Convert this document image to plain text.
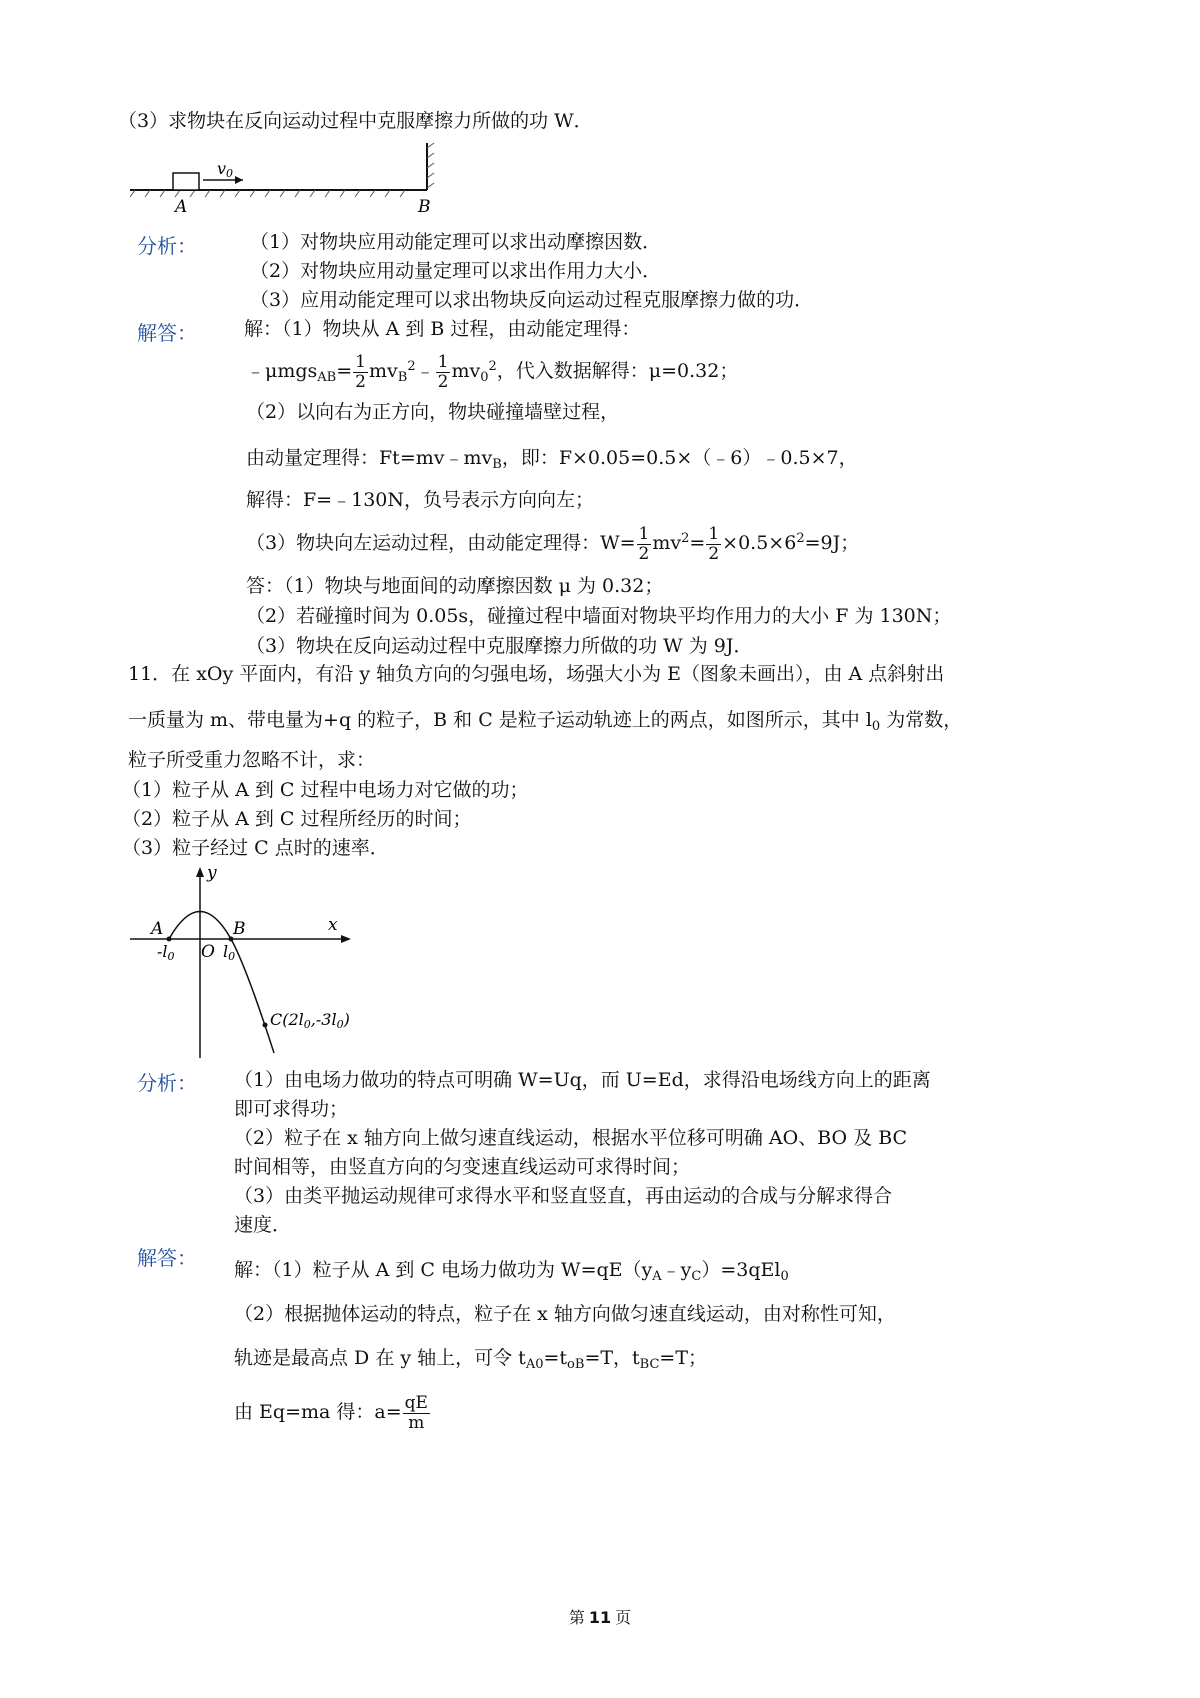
（3）求物块在反向运动过程中克服摩擦力所做的功 W．
v0
A	B
分析：	（1）对物块应用动能定理可以求出动摩擦因数．
（2）对物块应用动量定理可以求出作用力大小．
（3）应用动能定理可以求出物块反向运动过程克服摩擦力做的功．
解答： 解：（1）物块从 A 到 B 过程，由动能定理得：
﹣μmgs$_{AB}$= $\frac{1}{2}$ $mv_B^2﹣ \frac{1}{2} mv_0^2$，代入数据解得：μ=0.32；
（2）以向右为正方向，物块碰撞墙壁过程，
由动量定理得：$Ft=mv﹣mv_B$，即：F×0.05=0.5×（﹣6）﹣0.5×7，
解得：F=﹣130N，负号表示方向向左；
（3）物块向左运动过程，由动能定理得：$W= \frac{1}{2} mv^2= \frac{1}{2} \times 0.5\times 6^2=9J$；
答：（1）物块与地面间的动摩擦因数 μ 为 0.32；
（2）若碰撞时间为 0.05s，碰撞过程中墙面对物块平均作用力的大小 F 为 130N；
（3）物块在反向运动过程中克服摩擦力所做的功 W 为 9J．
11．在 xOy 平面内，有沿 y 轴负方向的匀强电场，场强大小为 E（图象未画出），由 A 点斜射出
一质量为 m、带电量为+q 的粒子，B 和 C 是粒子运动轨迹上的两点，如图所示，其中 $l_0$ 为常数，
粒子所受重力忽略不计，求：
（1）粒子从 A 到 C 过程中电场力对它做的功；
（2）粒子从 A 到 C 过程所经历的时间；
（3）粒子经过 C 点时的速率．
y
x
A	B
O
-l0	l0
C(2l0,-3l0)
分析： （1）由电场力做功的特点可明确 W=Uq，而 U=Ed，求得沿电场线方向上的距离
即可求得功；
（2）粒子在 x 轴方向上做匀速直线运动，根据水平位移可明确 AO、BO 及 BC
时间相等，由竖直方向的匀变速直线运动可求得时间；
（3）由类平抛运动规律可求得水平和竖直竖直，再由运动的合成与分解求得合
速度．
解答： 解：（1）粒子从 A 到 C 电场力做功为 $W=qE(y_A﹣y_C)=3qEl_0$
（2）根据抛体运动的特点，粒子在 x 轴方向做匀速直线运动，由对称性可知，
轨迹是最高点 D 在 y 轴上，可令 $t_{A0}=t_{oB}=T$，$t_{BC}=T$；
由 Eq=ma 得：$a= \frac{qE}{m}$
第 11 页
